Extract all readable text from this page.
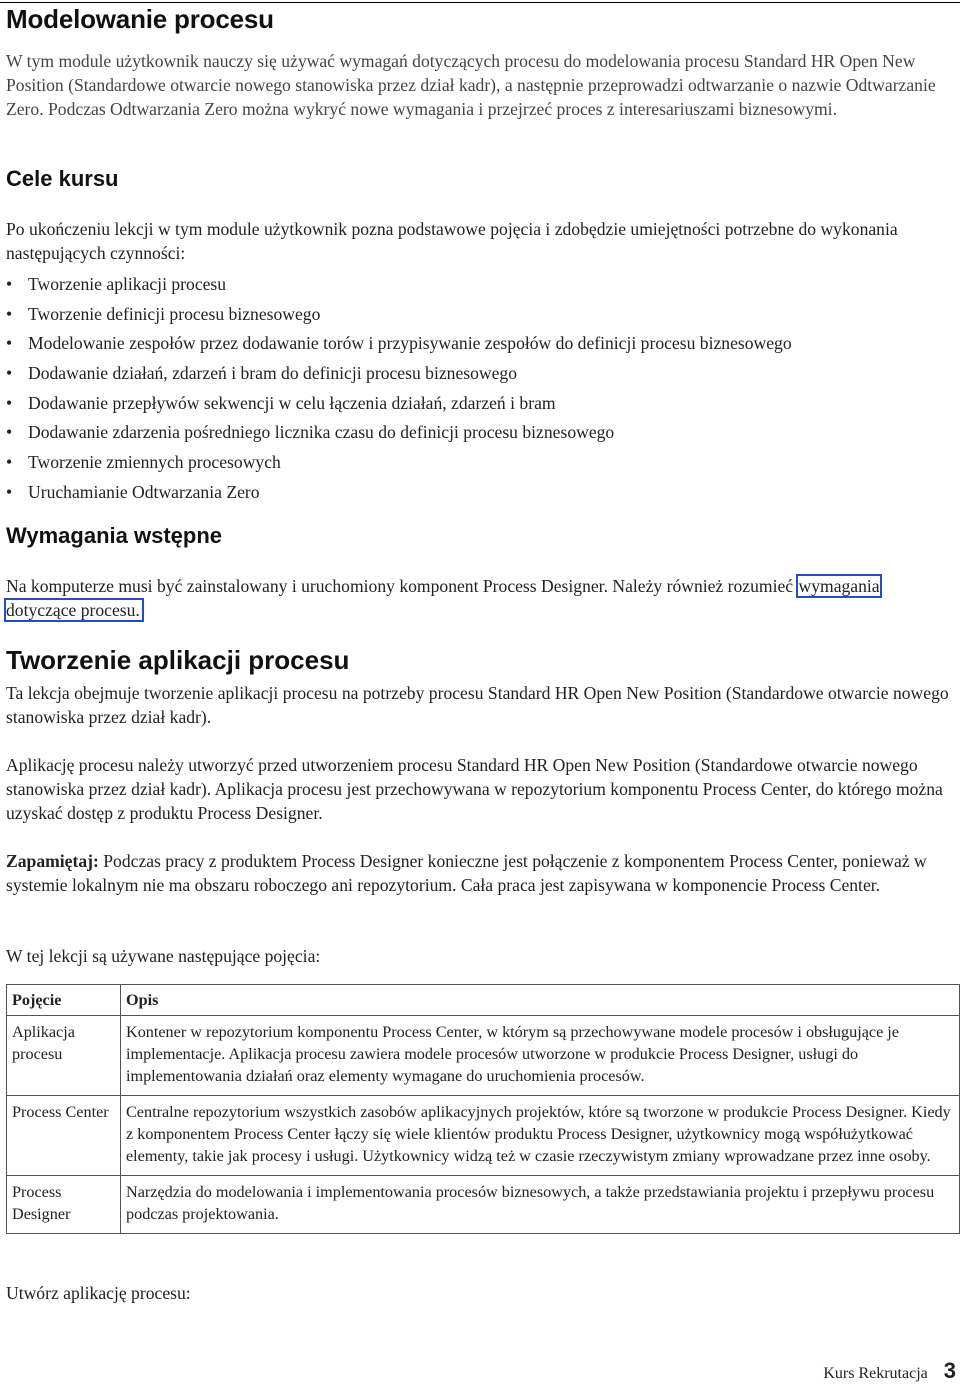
Modelowanie procesu

W tym module użytkownik nauczy się używać wymagań dotyczących procesu do modelowania procesu Standard HR Open New Position (Standardowe otwarcie nowego stanowiska przez dział kadr), a następnie przeprowadzi odtwarzanie o nazwie Odtwarzanie Zero. Podczas Odtwarzania Zero można wykryć nowe wymagania i przejrzeć proces z interesariuszami biznesowymi.

Cele kursu

Po ukończeniu lekcji w tym module użytkownik pozna podstawowe pojęcia i zdobędzie umiejętności potrzebne do wykonania następujących czynności:

• Tworzenie aplikacji procesu
• Tworzenie definicji procesu biznesowego
• Modelowanie zespołów przez dodawanie torów i przypisywanie zespołów do definicji procesu biznesowego
• Dodawanie działań, zdarzeń i bram do definicji procesu biznesowego
• Dodawanie przepływów sekwencji w celu łączenia działań, zdarzeń i bram
• Dodawanie zdarzenia pośredniego licznika czasu do definicji procesu biznesowego
• Tworzenie zmiennych procesowych
• Uruchamianie Odtwarzania Zero
Wymagania wstępne

Na komputerze musi być zainstalowany i uruchomiony komponent Process Designer. Należy również rozumieć wymagania dotyczące procesu.

Tworzenie aplikacji procesu

Ta lekcja obejmuje tworzenie aplikacji procesu na potrzeby procesu Standard HR Open New Position (Standardowe otwarcie nowego stanowiska przez dział kadr).

Aplikację procesu należy utworzyć przed utworzeniem procesu Standard HR Open New Position (Standardowe otwarcie nowego stanowiska przez dział kadr). Aplikacja procesu jest przechowywana w repozytorium komponentu Process Center, do którego można uzyskać dostęp z produktu Process Designer.

Zapamiętaj: Podczas pracy z produktem Process Designer konieczne jest połączenie z komponentem Process Center, ponieważ w systemie lokalnym nie ma obszaru roboczego ani repozytorium. Cała praca jest zapisywana w komponencie Process Center.

W tej lekcji są używane następujące pojęcia:

Pojęcie	Opis
Aplikacja procesu	Kontener w repozytorium komponentu Process Center, w którym są przechowywane modele procesów i obsługujące je implementacje. Aplikacja procesu zawiera modele procesów utworzone w produkcie Process Designer, usługi do implementowania działań oraz elementy wymagane do uruchomienia procesów.
Process Center	Centralne repozytorium wszystkich zasobów aplikacyjnych projektów, które są tworzone w produkcie Process Designer. Kiedy z komponentem Process Center łączy się wiele klientów produktu Process Designer, użytkownicy mogą współużytkować elementy, takie jak procesy i usługi. Użytkownicy widzą też w czasie rzeczywistym zmiany wprowadzane przez inne osoby.
Process Designer	Narzędzia do modelowania i implementowania procesów biznesowych, a także przedstawiania projektu i przepływu procesu podczas projektowania.

Utwórz aplikację procesu:

Kurs Rekrutacja 3
